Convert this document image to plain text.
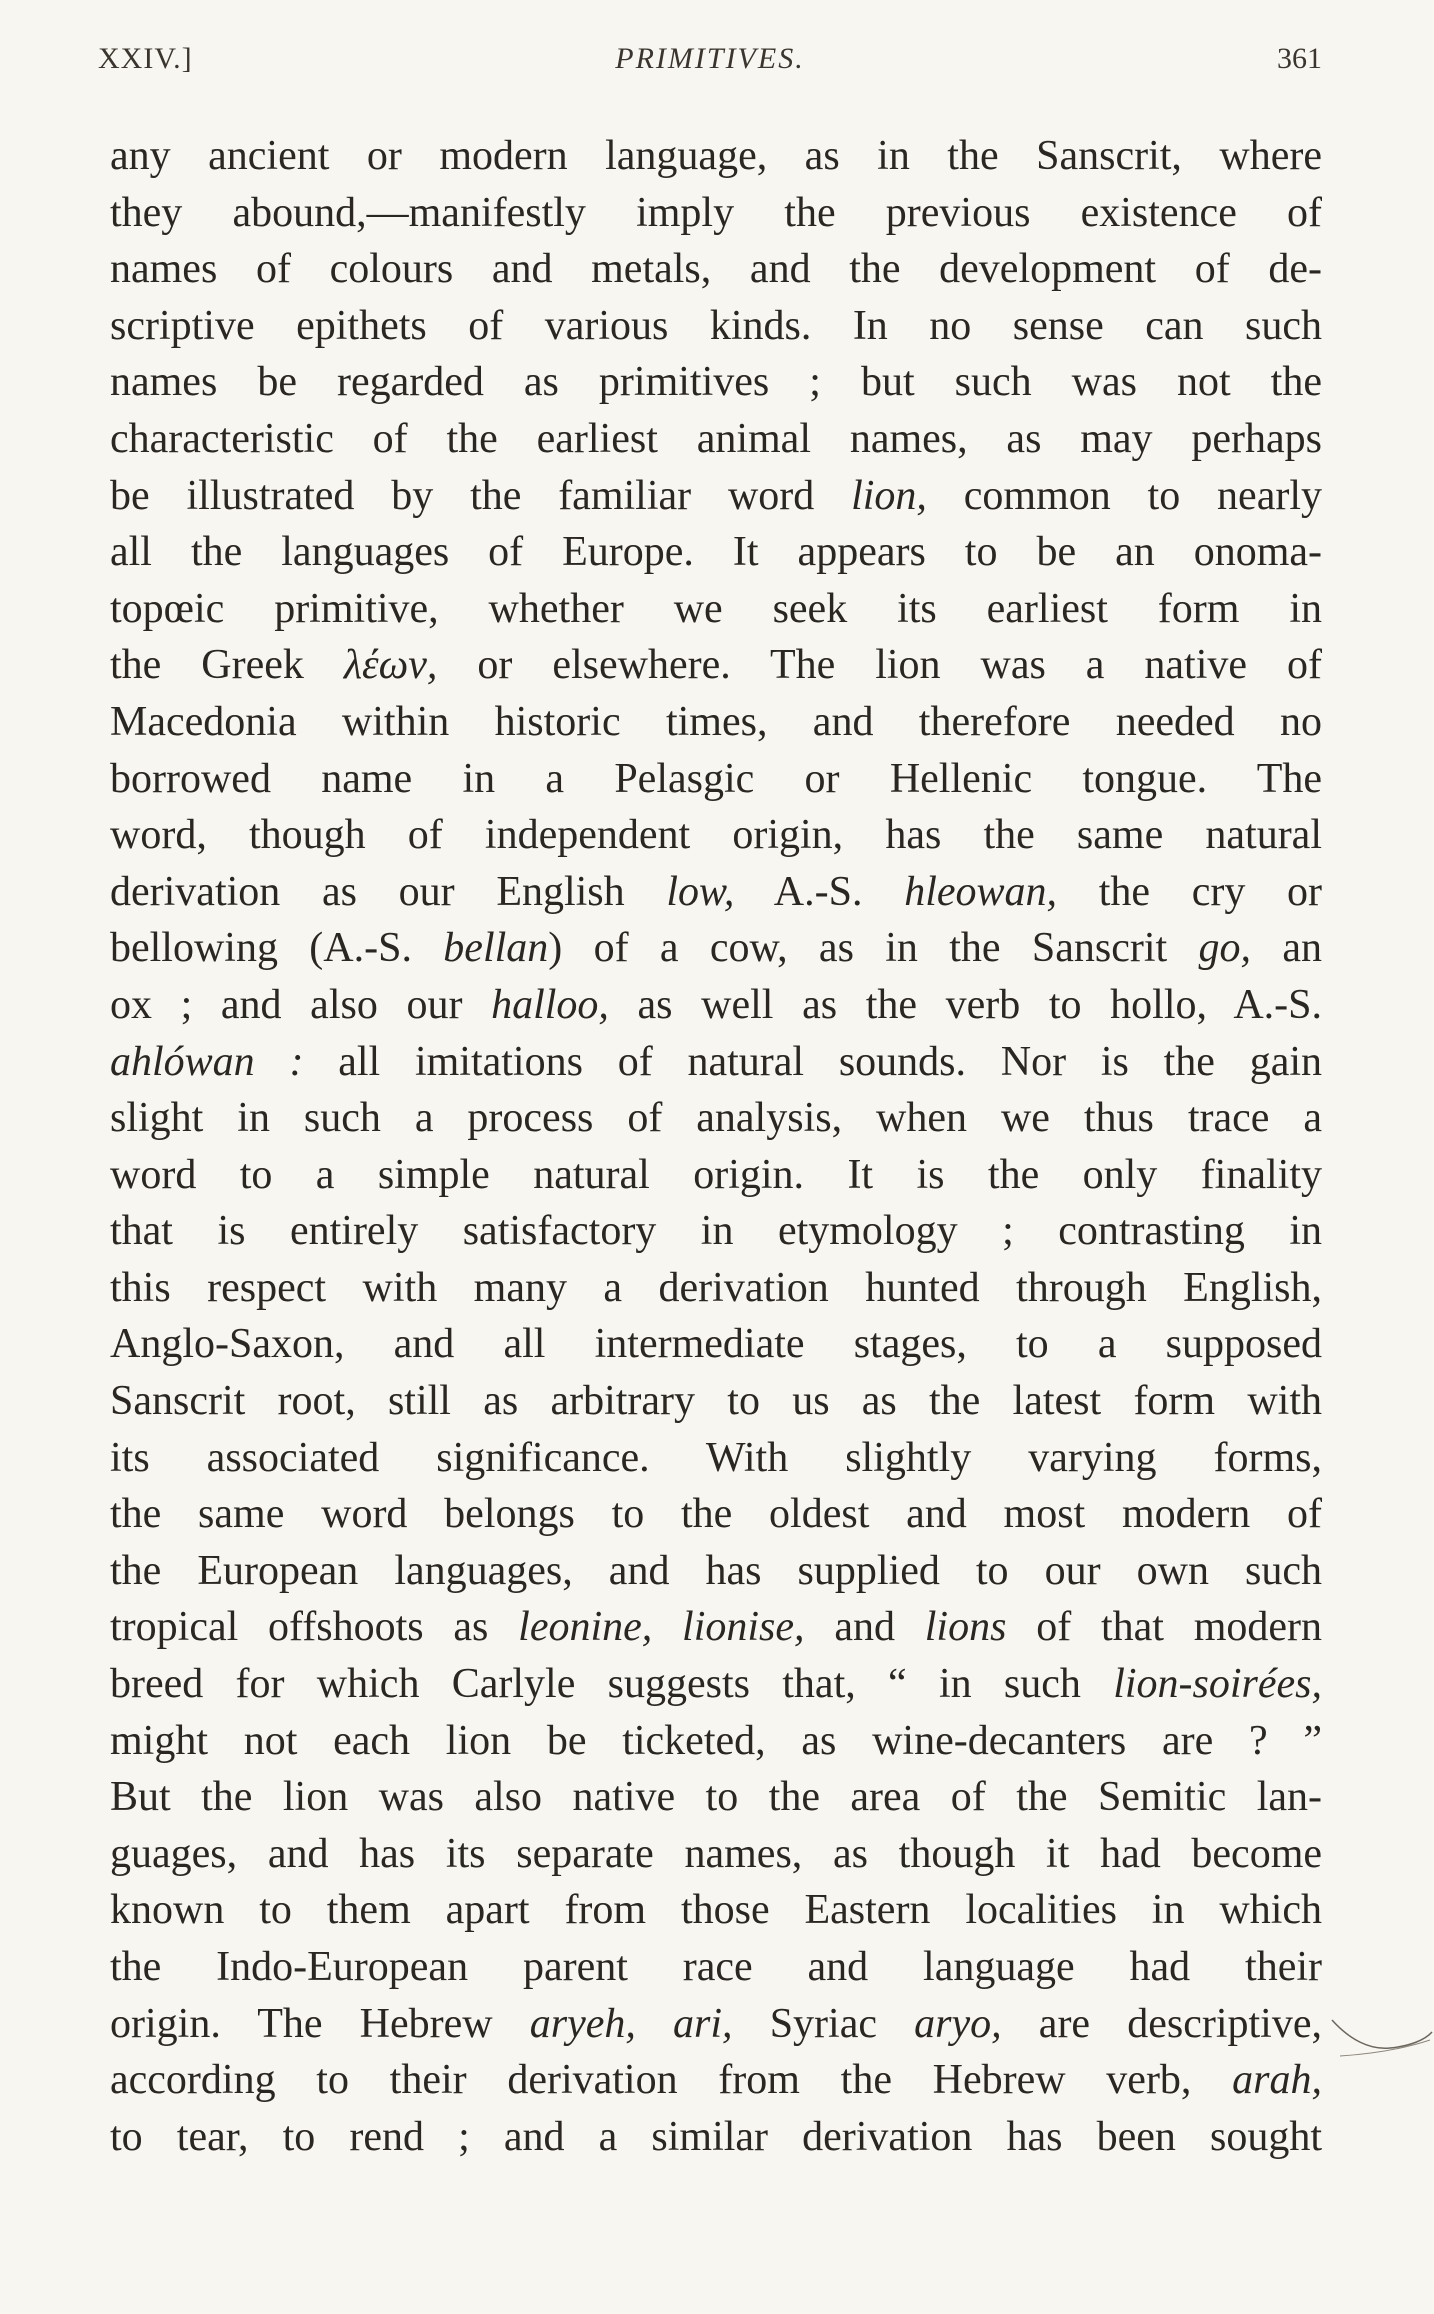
XXIV.]	PRIMITIVES.	361
any ancient or modern language, as in the Sanscrit, where
they abound,—manifestly imply the previous existence of
names of colours and metals, and the development of de-
scriptive epithets of various kinds. In no sense can such
names be regarded as primitives ; but such was not the
characteristic of the earliest animal names, as may perhaps
be illustrated by the familiar word lion, common to nearly
all the languages of Europe. It appears to be an onoma-
topœic primitive, whether we seek its earliest form in
the Greek λέων, or elsewhere. The lion was a native of
Macedonia within historic times, and therefore needed no
borrowed name in a Pelasgic or Hellenic tongue. The
word, though of independent origin, has the same natural
derivation as our English low, A.-S. hleowan, the cry or
bellowing (A.-S. bellan) of a cow, as in the Sanscrit go, an
ox ; and also our halloo, as well as the verb to hollo, A.-S.
ahlówan : all imitations of natural sounds. Nor is the gain
slight in such a process of analysis, when we thus trace a
word to a simple natural origin. It is the only finality
that is entirely satisfactory in etymology ; contrasting in
this respect with many a derivation hunted through English,
Anglo-Saxon, and all intermediate stages, to a supposed
Sanscrit root, still as arbitrary to us as the latest form with
its associated significance. With slightly varying forms,
the same word belongs to the oldest and most modern of
the European languages, and has supplied to our own such
tropical offshoots as leonine, lionise, and lions of that modern
breed for which Carlyle suggests that, “ in such lion-soirées,
might not each lion be ticketed, as wine-decanters are ? ”
But the lion was also native to the area of the Semitic lan-
guages, and has its separate names, as though it had become
known to them apart from those Eastern localities in which
the Indo-European parent race and language had their
origin. The Hebrew aryeh, ari, Syriac aryo, are descriptive,
according to their derivation from the Hebrew verb, arah,
to tear, to rend ; and a similar derivation has been sought
